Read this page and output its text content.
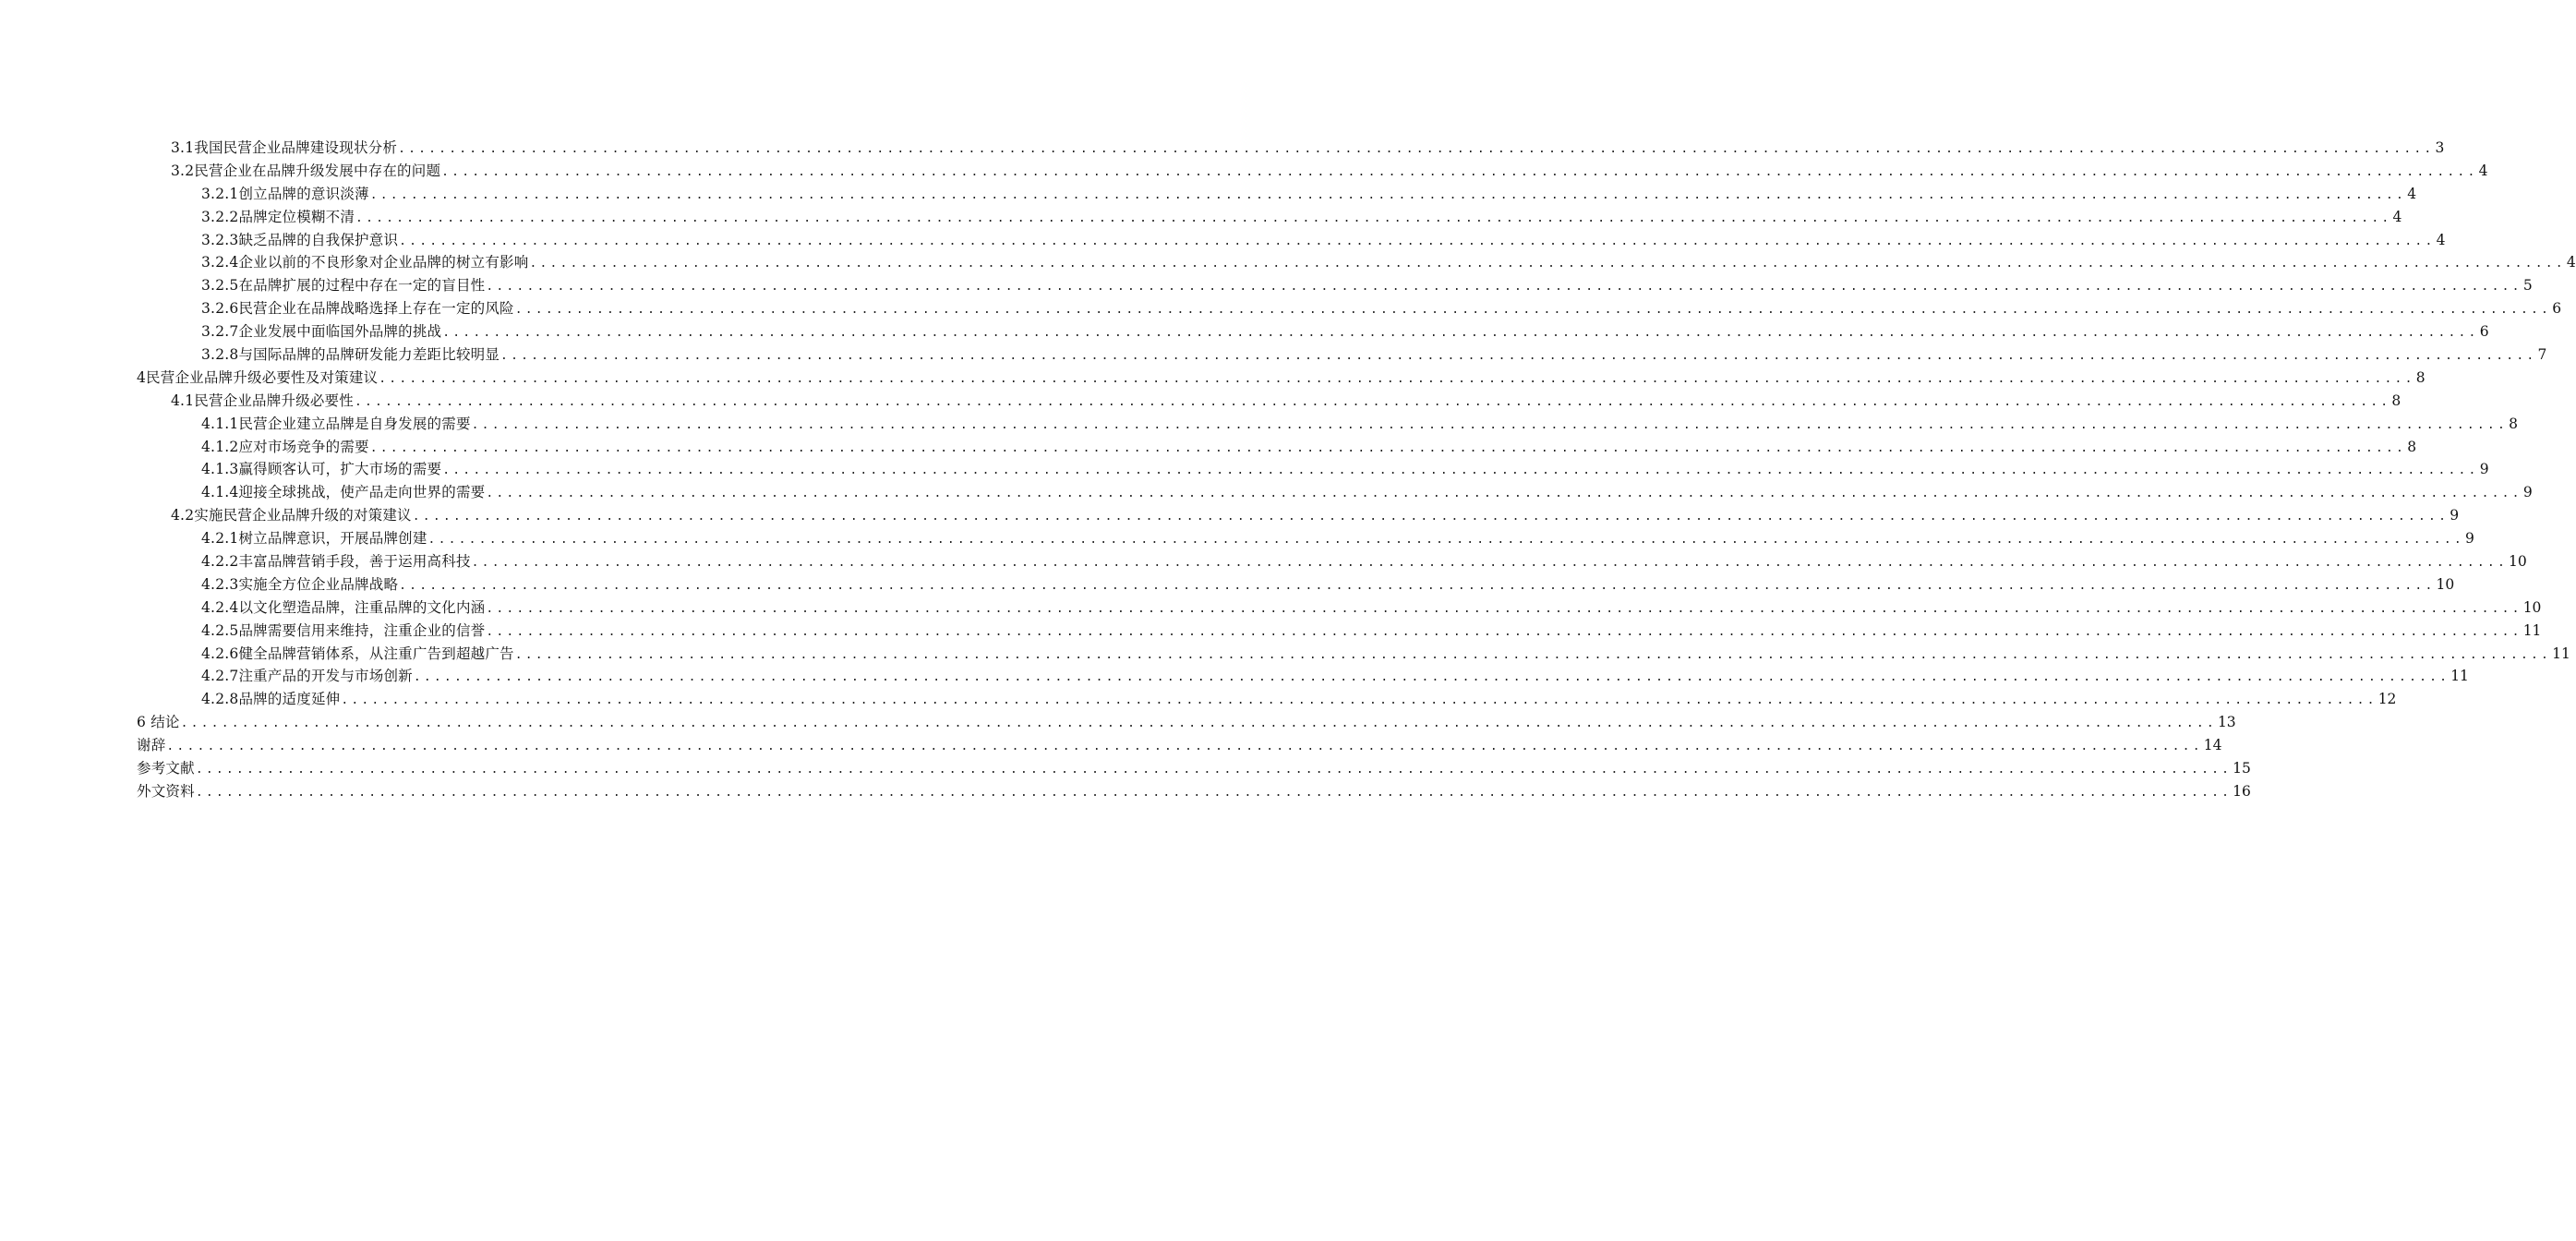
3.1我国民营企业品牌建设现状分析 ........................................................................................................................................................................................................ 3
3.2民营企业在品牌升级发展中存在的问题 ........................................................................................................................................................................................................ 4
3.2.1创立品牌的意识淡薄 ........................................................................................................................................................................................................ 4
3.2.2品牌定位模糊不清 ........................................................................................................................................................................................................ 4
3.2.3缺乏品牌的自我保护意识 ........................................................................................................................................................................................................ 4
3.2.4企业以前的不良形象对企业品牌的树立有影响 ........................................................................................................................................................................................................ 4
3.2.5在品牌扩展的过程中存在一定的盲目性 ........................................................................................................................................................................................................ 5
3.2.6民营企业在品牌战略选择上存在一定的风险 ........................................................................................................................................................................................................ 6
3.2.7企业发展中面临国外品牌的挑战 ........................................................................................................................................................................................................ 6
3.2.8与国际品牌的品牌研发能力差距比较明显 ........................................................................................................................................................................................................ 7
4民营企业品牌升级必要性及对策建议 ........................................................................................................................................................................................................ 8
4.1民营企业品牌升级必要性 ........................................................................................................................................................................................................ 8
4.1.1民营企业建立品牌是自身发展的需要 ........................................................................................................................................................................................................ 8
4.1.2应对市场竞争的需要 ........................................................................................................................................................................................................ 8
4.1.3赢得顾客认可，扩大市场的需要 ........................................................................................................................................................................................................ 9
4.1.4迎接全球挑战，使产品走向世界的需要 ........................................................................................................................................................................................................ 9
4.2实施民营企业品牌升级的对策建议 ........................................................................................................................................................................................................ 9
4.2.1树立品牌意识，开展品牌创建 ........................................................................................................................................................................................................ 9
4.2.2丰富品牌营销手段，善于运用高科技 ........................................................................................................................................................................................................ 10
4.2.3实施全方位企业品牌战略 ........................................................................................................................................................................................................ 10
4.2.4以文化塑造品牌，注重品牌的文化内涵 ........................................................................................................................................................................................................ 10
4.2.5品牌需要信用来维持，注重企业的信誉 ........................................................................................................................................................................................................ 11
4.2.6健全品牌营销体系，从注重广告到超越广告 ........................................................................................................................................................................................................ 11
4.2.7注重产品的开发与市场创新 ........................................................................................................................................................................................................ 11
4.2.8品牌的适度延伸 ........................................................................................................................................................................................................ 12
6 结论 ........................................................................................................................................................................................................ 13
谢辞 ........................................................................................................................................................................................................ 14
参考文献 ........................................................................................................................................................................................................ 15
外文资料 ........................................................................................................................................................................................................ 16
